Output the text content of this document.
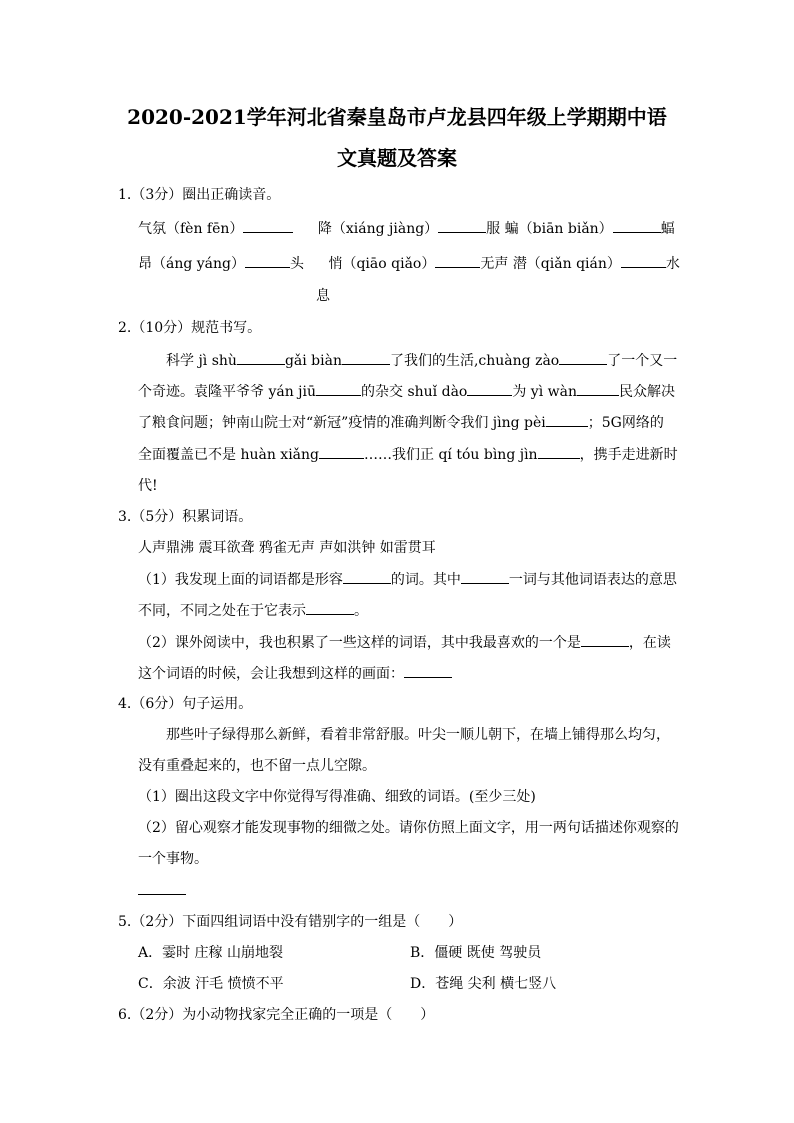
2020-2021学年河北省秦皇岛市卢龙县四年级上学期期中语
文真题及答案
1.（3分）圈出正确读音。
气氛（fèn fēn）	降（xiáng jiàng）	服 蝙（biān biǎn）	蝠
昂（áng yáng）	头 悄（qiāo qiǎo）	无声 潜（qiǎn qián）	水
息
2.（10分）规范书写。
科学 jì shù	gǎi biàn	了我们的生活,chuàng zào	了一个又一
个奇迹。袁隆平爷爷 yán jiū	的杂交 shuǐ dào	为 yì wàn	民众解决
了粮食问题；钟南山院士对“新冠”疫情的准确判断令我们 jìng pèi	；5G网络的
全面覆盖已不是 huàn xiǎng	……我们正 qí tóu bìng jìn	，携手走进新时
代!
3.（5分）积累词语。
人声鼎沸 震耳欲聋 鸦雀无声 声如洪钟 如雷贯耳
（1）我发现上面的词语都是形容	的词。其中	一词与其他词语表达的意思
不同，不同之处在于它表示	。
（2）课外阅读中，我也积累了一些这样的词语，其中我最喜欢的一个是	，在读
这个词语的时候，会让我想到这样的画面：
4.（6分）句子运用。
那些叶子绿得那么新鲜，看着非常舒服。叶尖一顺儿朝下，在墙上铺得那么均匀，
没有重叠起来的，也不留一点儿空隙。
（1）圈出这段文字中你觉得写得准确、细致的词语。(至少三处)
（2）留心观察才能发现事物的细微之处。请你仿照上面文字，用一两句话描述你观察的
一个事物。
5.（2分）下面四组词语中没有错别字的一组是（　　）
A．霎时 庄稼 山崩地裂	B．僵硬 既使 驾驶员
C．余波 汗毛 愤愤不平	D．苍绳 尖利 横七竖八
6.（2分）为小动物找家完全正确的一项是（　　）
